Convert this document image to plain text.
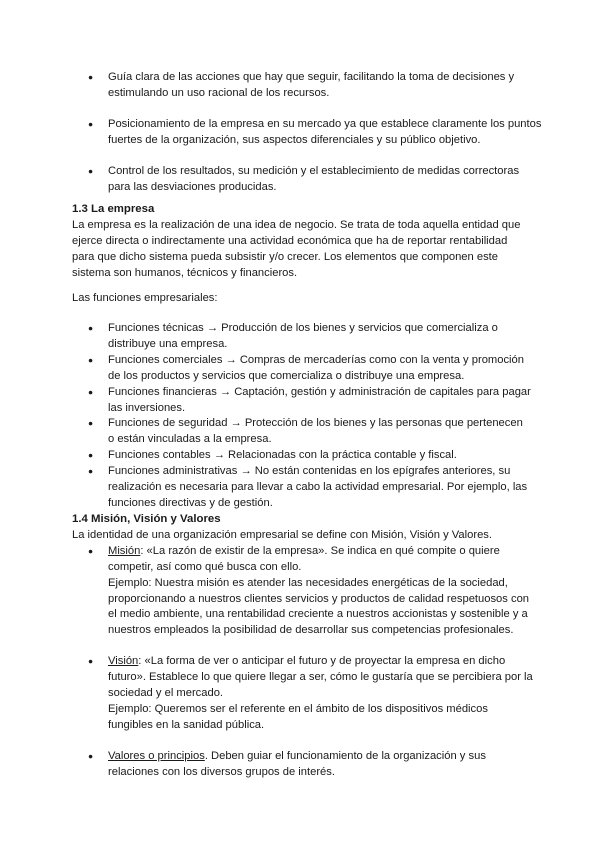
● Guía clara de las acciones que hay que seguir, facilitando la toma de decisiones y estimulando un uso racional de los recursos.
● Posicionamiento de la empresa en su mercado ya que establece claramente los puntos fuertes de la organización, sus aspectos diferenciales y su público objetivo.
● Control de los resultados, su medición y el establecimiento de medidas correctoras para las desviaciones producidas.

1.3 La empresa

La empresa es la realización de una idea de negocio. Se trata de toda aquella entidad que ejerce directa o indirectamente una actividad económica que ha de reportar rentabilidad para que dicho sistema pueda subsistir y/o crecer. Los elementos que componen este sistema son humanos, técnicos y financieros.

Las funciones empresariales:

● Funciones técnicas → Producción de los bienes y servicios que comercializa o distribuye una empresa.
● Funciones comerciales → Compras de mercaderías como con la venta y promoción de los productos y servicios que comercializa o distribuye una empresa.
● Funciones financieras → Captación, gestión y administración de capitales para pagar las inversiones.
● Funciones de seguridad → Protección de los bienes y las personas que pertenecen o están vinculadas a la empresa.
● Funciones contables → Relacionadas con la práctica contable y fiscal.
● Funciones administrativas → No están contenidas en los epígrafes anteriores, su realización es necesaria para llevar a cabo la actividad empresarial. Por ejemplo, las funciones directivas y de gestión.

1.4 Misión, Visión y Valores

La identidad de una organización empresarial se define con Misión, Visión y Valores.

● Misión: «La razón de existir de la empresa». Se indica en qué compite o quiere competir, así como qué busca con ello.
Ejemplo: Nuestra misión es atender las necesidades energéticas de la sociedad, proporcionando a nuestros clientes servicios y productos de calidad respetuosos con el medio ambiente, una rentabilidad creciente a nuestros accionistas y sostenible y a nuestros empleados la posibilidad de desarrollar sus competencias profesionales.
● Visión: «La forma de ver o anticipar el futuro y de proyectar la empresa en dicho futuro». Establece lo que quiere llegar a ser, cómo le gustaría que se percibiera por la sociedad y el mercado.
Ejemplo: Queremos ser el referente en el ámbito de los dispositivos médicos fungibles en la sanidad pública.
● Valores o principios. Deben guiar el funcionamiento de la organización y sus relaciones con los diversos grupos de interés.
